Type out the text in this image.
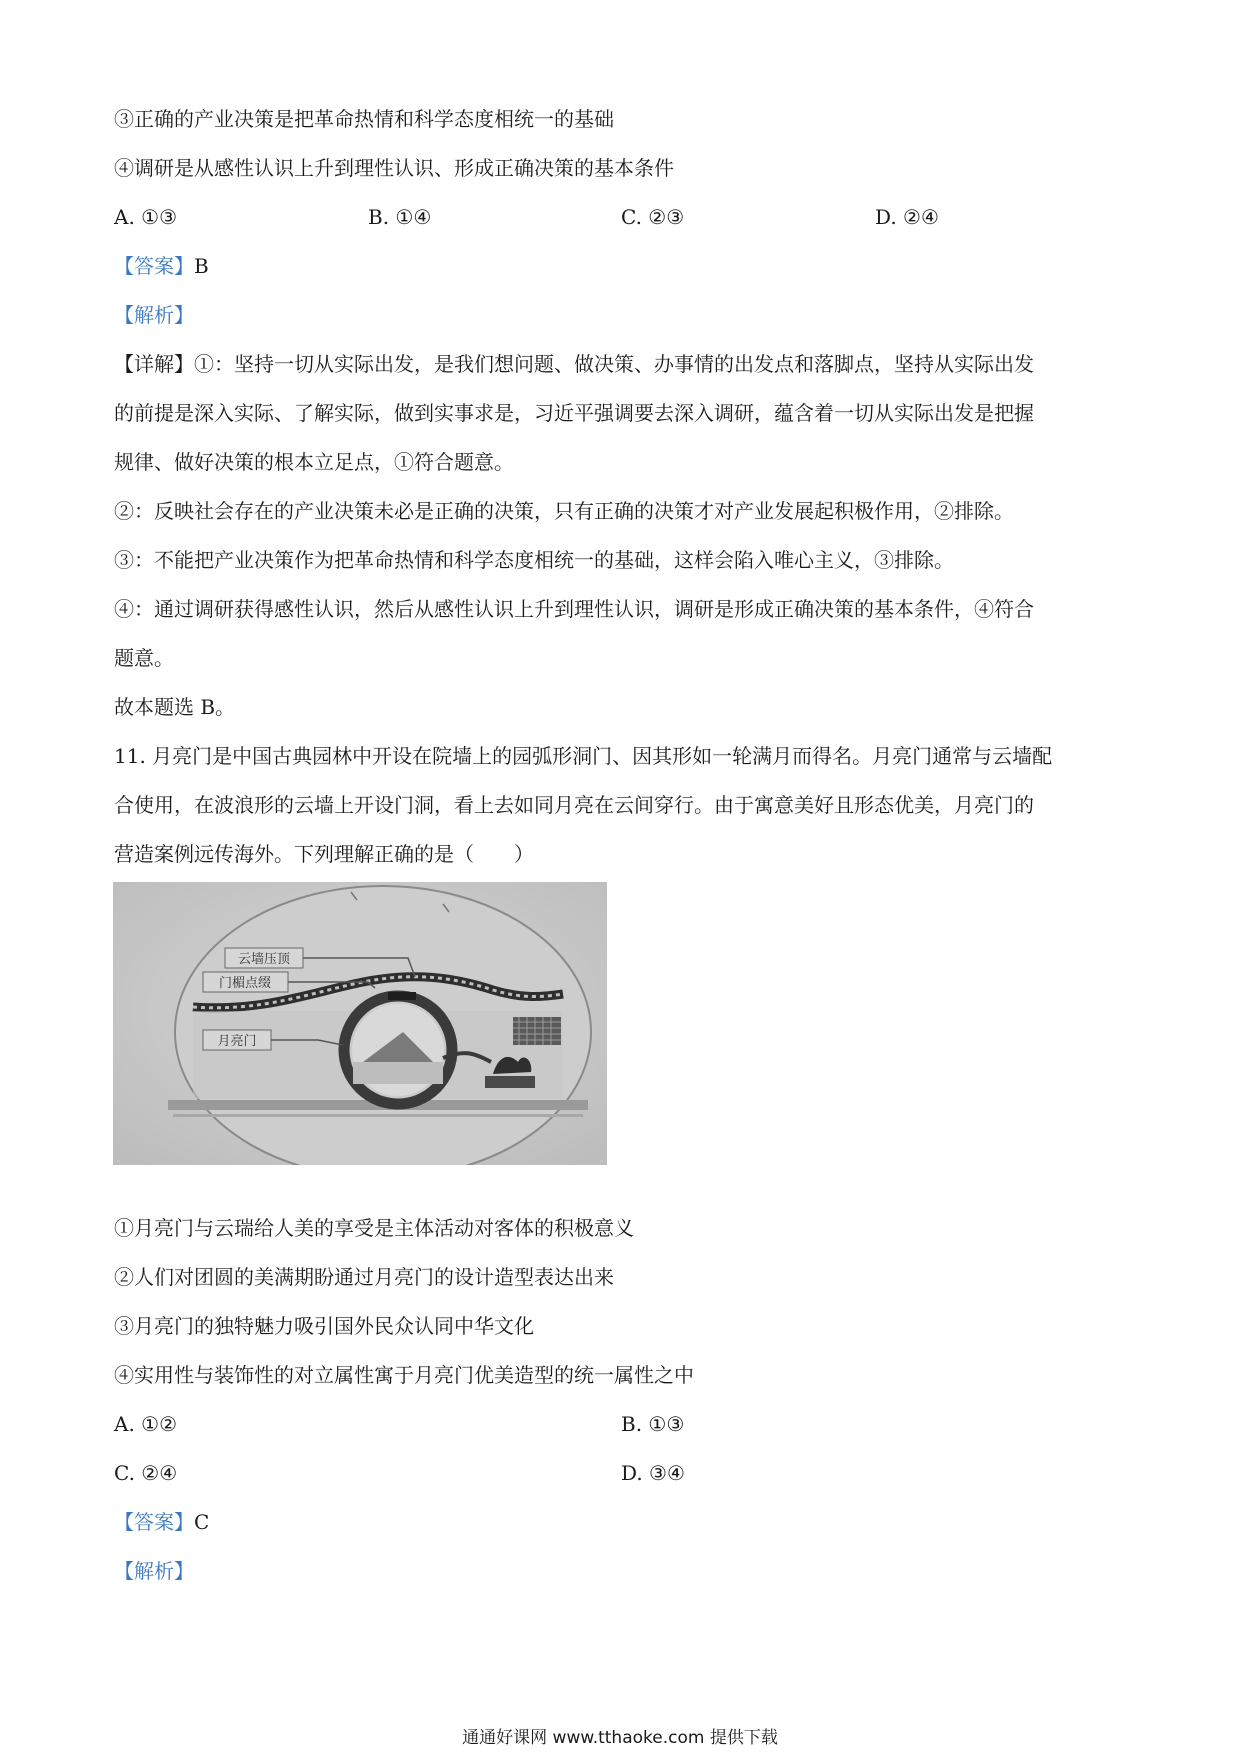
③正确的产业决策是把革命热情和科学态度相统一的基础
④调研是从感性认识上升到理性认识、形成正确决策的基本条件
A. ①③	B. ①④	C. ②③	D. ②④
【答案】B
【解析】
【详解】①：坚持一切从实际出发，是我们想问题、做决策、办事情的出发点和落脚点，坚持从实际出发
的前提是深入实际、了解实际，做到实事求是，习近平强调要去深入调研，蕴含着一切从实际出发是把握
规律、做好决策的根本立足点，①符合题意。
②：反映社会存在的产业决策未必是正确的决策，只有正确的决策才对产业发展起积极作用，②排除。
③：不能把产业决策作为把革命热情和科学态度相统一的基础，这样会陷入唯心主义，③排除。
④：通过调研获得感性认识，然后从感性认识上升到理性认识，调研是形成正确决策的基本条件，④符合
题意。
故本题选 B。
11. 月亮门是中国古典园林中开设在院墙上的园弧形洞门、因其形如一轮满月而得名。月亮门通常与云墙配
合使用，在波浪形的云墙上开设门洞，看上去如同月亮在云间穿行。由于寓意美好且形态优美，月亮门的
营造案例远传海外。下列理解正确的是（　　）
云墙压顶
门楣点缀
月亮门
①月亮门与云瑞给人美的享受是主体活动对客体的积极意义
②人们对团圆的美满期盼通过月亮门的设计造型表达出来
③月亮门的独特魅力吸引国外民众认同中华文化
④实用性与装饰性的对立属性寓于月亮门优美造型的统一属性之中
A. ①②	B. ①③
C. ②④	D. ③④
【答案】C
【解析】
通通好课网 www.tthaoke.com 提供下载
